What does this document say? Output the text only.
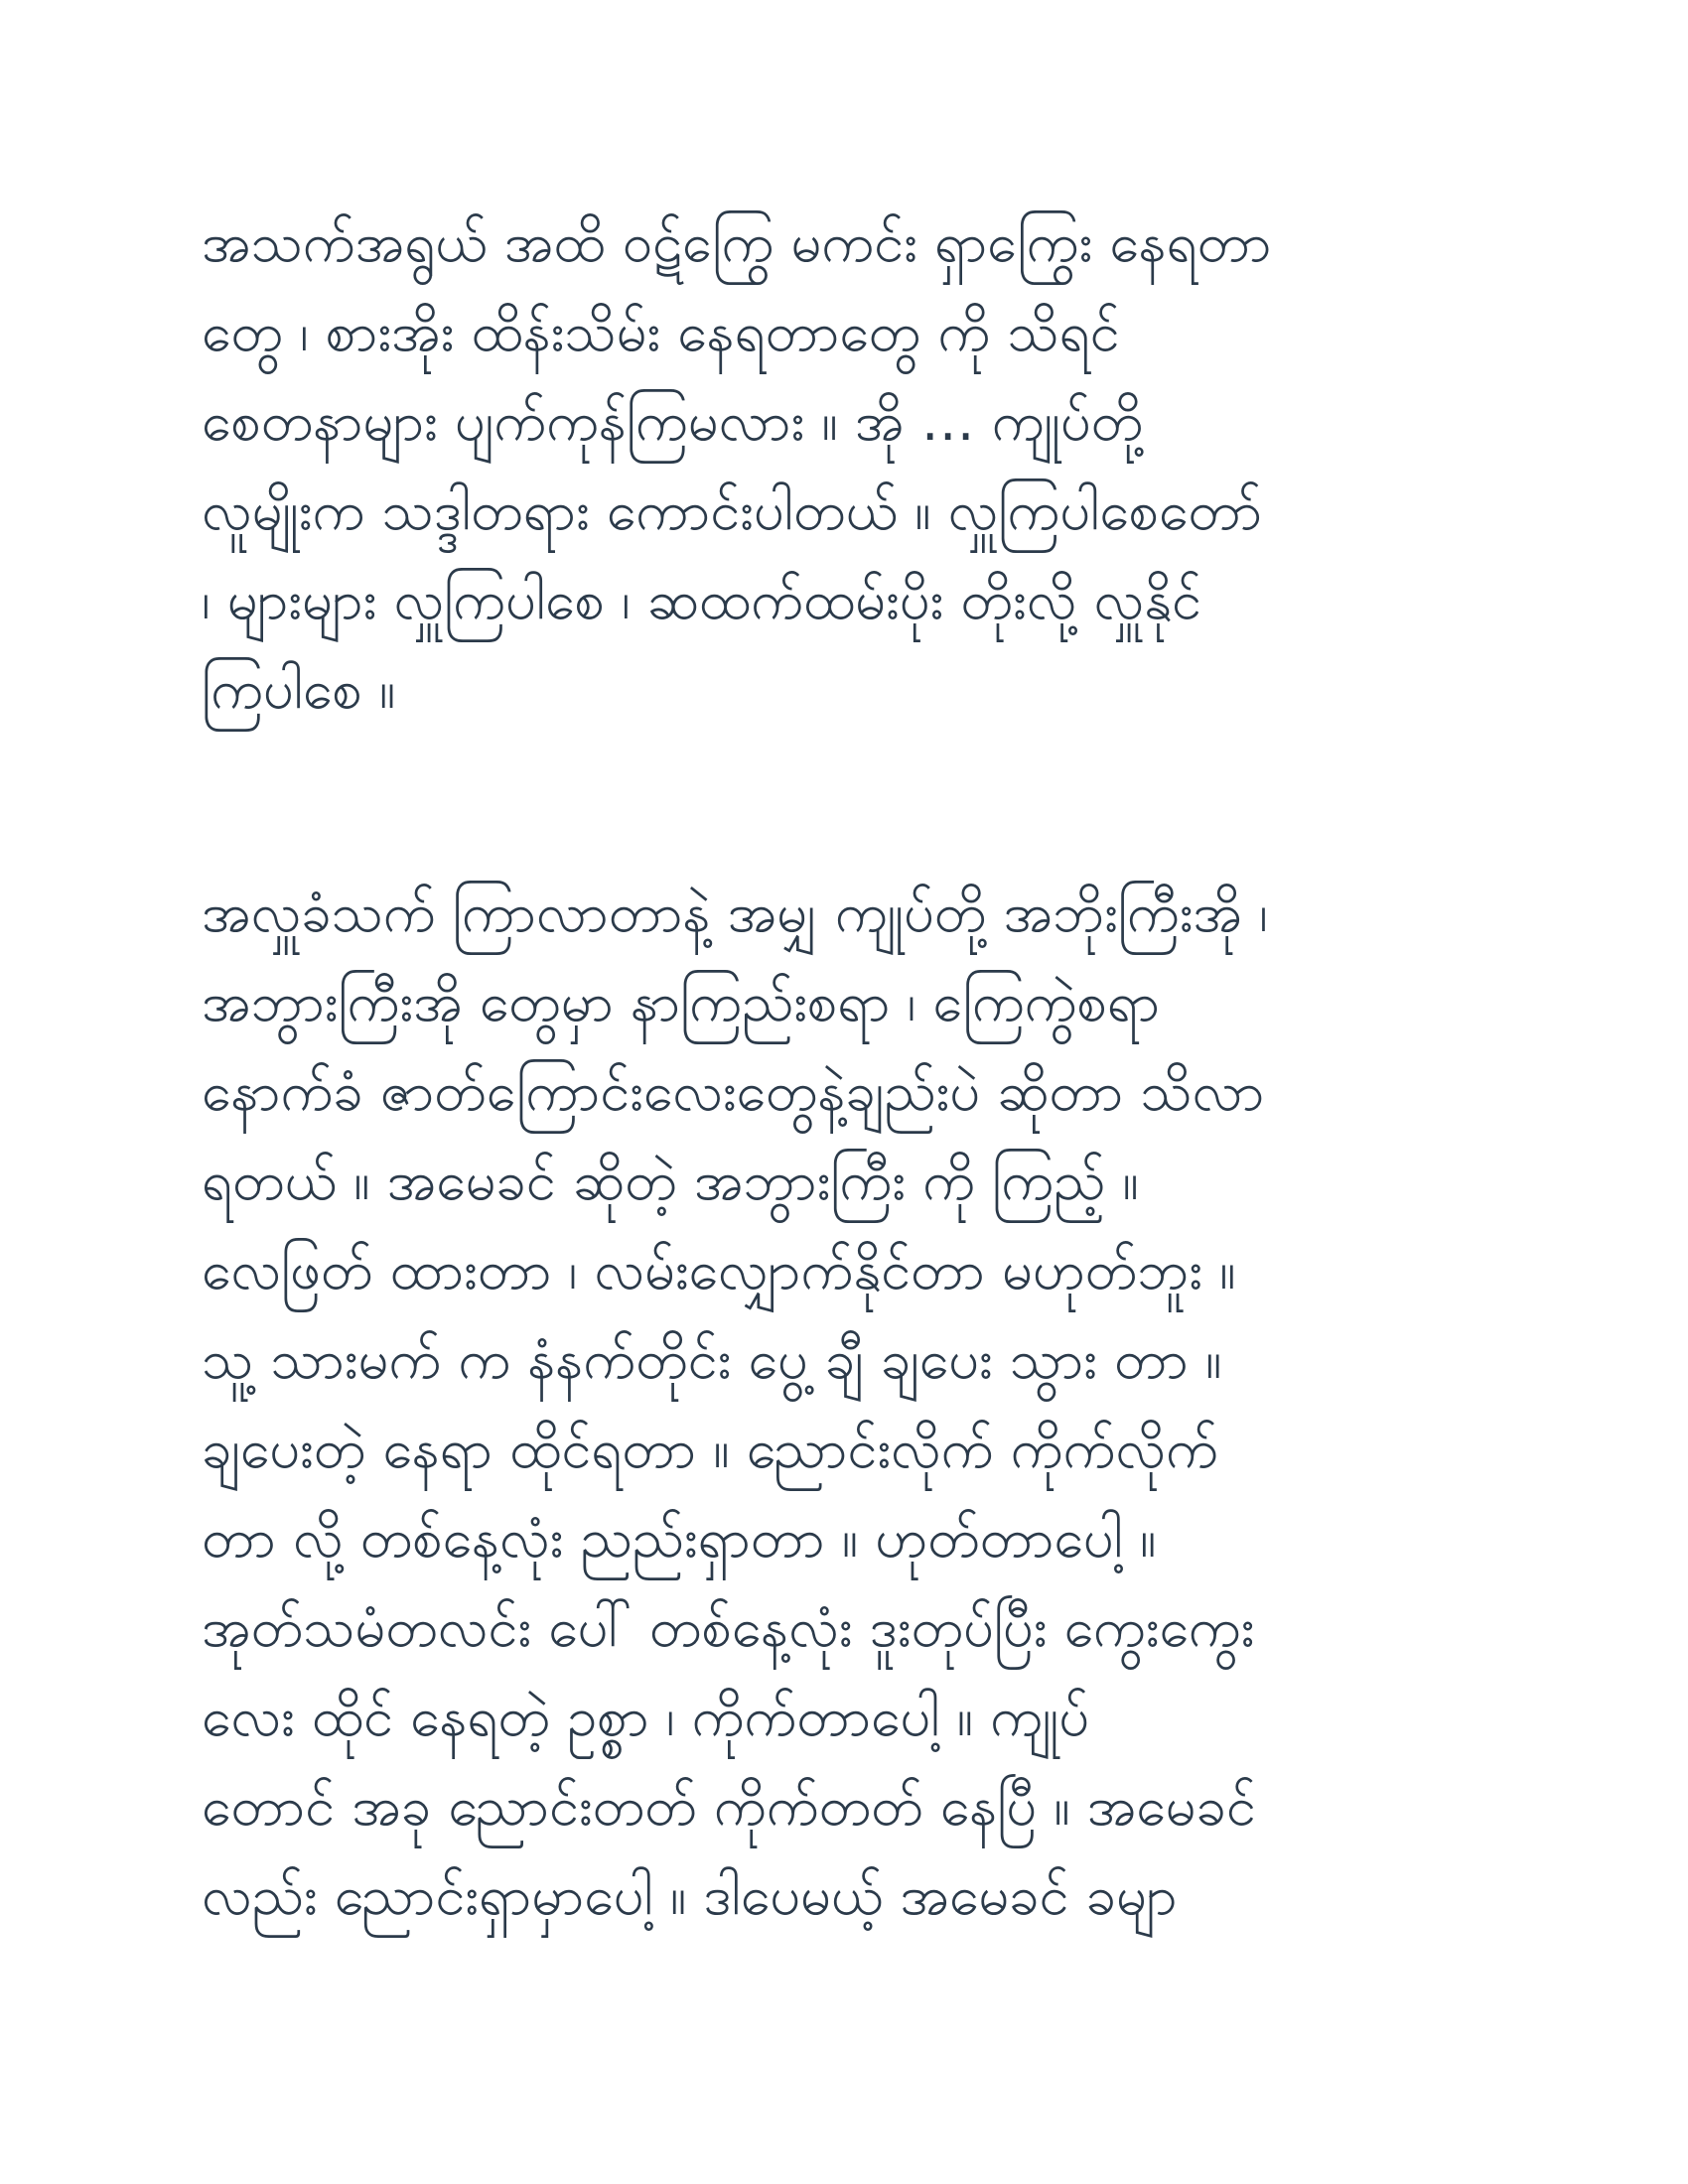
အသက်အရွယ် အထိ ဝဋ်ကြွေ မကင်း ရှာကြွေး နေရတာ
တွေ ၊ စားအိုး ထိန်းသိမ်း နေရတာတွေ ကို သိရင်
စေတနာများ ပျက်ကုန်ကြမလား ။ အို … ကျုပ်တို့
လူမျိုးက သဒ္ဒါတရား ကောင်းပါတယ် ။ လှူကြပါစေတော်
၊ များများ လှူကြပါစေ ၊ ဆထက်ထမ်းပိုး တိုးလို့ လှူနိုင်
ကြပါစေ ။
အလှူခံသက် ကြာလာတာနဲ့ အမျှ ကျုပ်တို့ အဘိုးကြီးအို ၊
အဘွားကြီးအို တွေမှာ နာကြည်းစရာ ၊ ကြေကွဲစရာ
နောက်ခံ ဇာတ်ကြောင်းလေးတွေနဲ့ချည်းပဲ ဆိုတာ သိလာ
ရတယ် ။ အမေခင် ဆိုတဲ့ အဘွားကြီး ကို ကြည့် ။
လေဖြတ် ထားတာ ၊ လမ်းလျှောက်နိုင်တာ မဟုတ်ဘူး ။
သူ့ သားမက် က နံနက်တိုင်း ပွေ့ ချီ ချပေး သွား တာ ။
ချပေးတဲ့ နေရာ ထိုင်ရတာ ။ ညောင်းလိုက် ကိုက်လိုက်
တာ လို့ တစ်နေ့လုံး ညည်းရှာတာ ။ ဟုတ်တာပေါ့ ။
အုတ်သမံတလင်း ပေါ် တစ်နေ့လုံး ဒူးတုပ်ပြီး ကွေးကွေး
လေး ထိုင် နေရတဲ့ ဥစ္စာ ၊ ကိုက်တာပေါ့ ။ ကျုပ်
တောင် အခု ညောင်းတတ် ကိုက်တတ် နေပြီ ။ အမေခင်
လည်း ညောင်းရှာမှာပေါ့ ။ ဒါပေမယ့် အမေခင် ခမျာ
